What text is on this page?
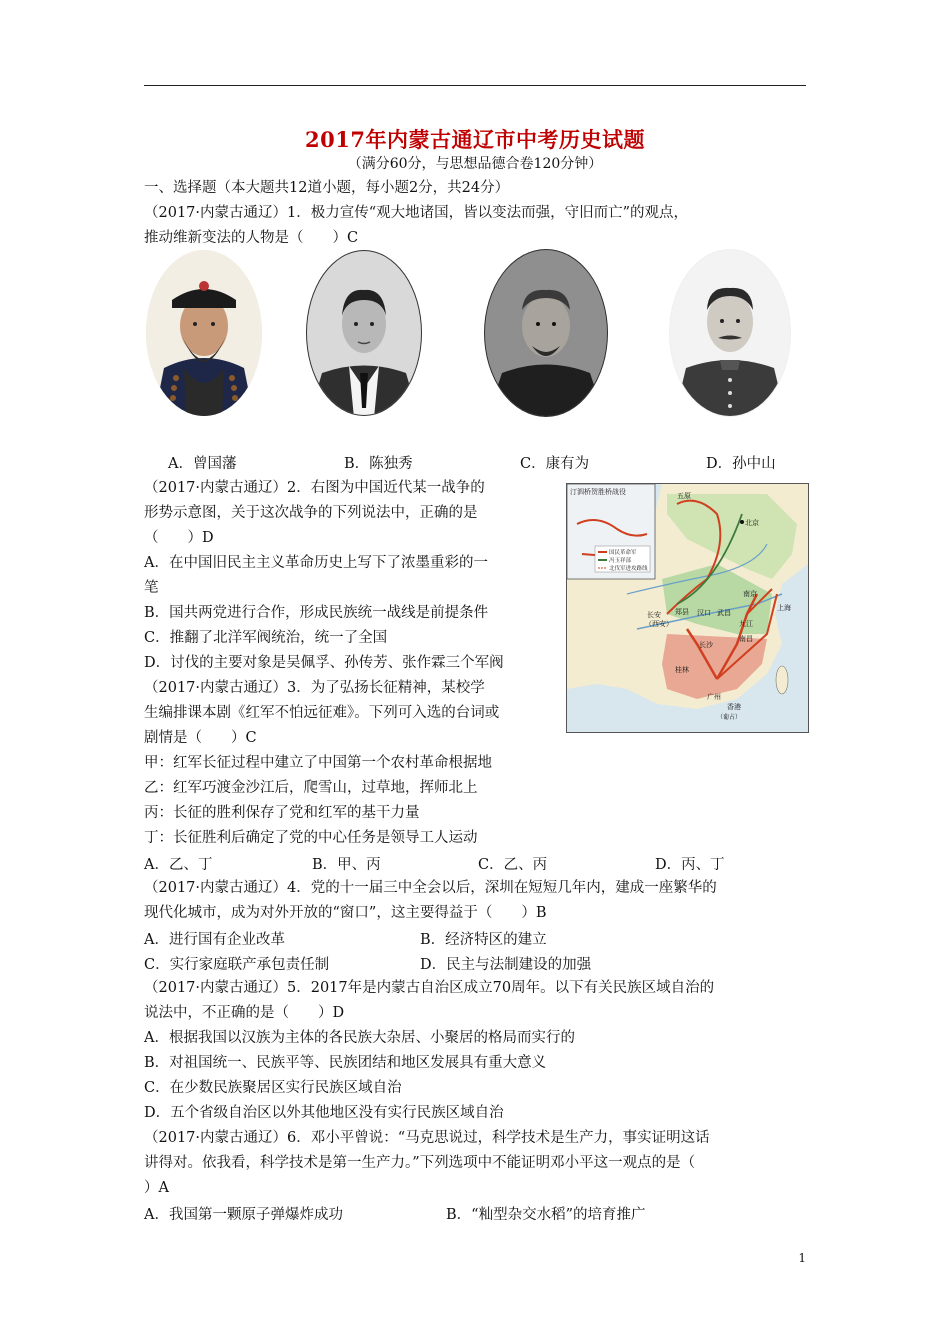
2017年内蒙古通辽市中考历史试题
（满分60分，与思想品德合卷120分钟）
一、选择题（本大题共12道小题，每小题2分，共24分）
（2017·内蒙古通辽）1．极力宣传“观大地诸国，皆以变法而强，守旧而亡”的观点，
推动维新变法的人物是（　　）C
A．曾国藩	B．陈独秀	C．康有为	D．孙中山
（2017·内蒙古通辽）2．右图为中国近代某一战争的
形势示意图，关于这次战争的下列说法中，正确的是
（　　）D
A．在中国旧民主主义革命历史上写下了浓墨重彩的一
笔
B．国共两党进行合作，形成民族统一战线是前提条件
C．推翻了北洋军阀统治，统一了全国
D．讨伐的主要对象是吴佩孚、孙传芳、张作霖三个军阀
汀泗桥贺胜桥战役
国民革命军
冯玉祥部
北伐军进攻路线
北京
五原
长安
（西安）
郑县
南京
上海
汉口 武昌
九江
南昌
长沙
桂林
广州
香港
（葡占）
（2017·内蒙古通辽）3．为了弘扬长征精神，某校学
生编排课本剧《红军不怕远征难》。下列可入选的台词或
剧情是（　　）C
甲：红军长征过程中建立了中国第一个农村革命根据地
乙：红军巧渡金沙江后，爬雪山，过草地，挥师北上
丙：长征的胜利保存了党和红军的基干力量
丁：长征胜利后确定了党的中心任务是领导工人运动
A．乙、丁	B．甲、丙	C．乙、丙	D．丙、丁
（2017·内蒙古通辽）4．党的十一届三中全会以后，深圳在短短几年内，建成一座繁华的
现代化城市，成为对外开放的“窗口”，这主要得益于（　　）B
A．进行国有企业改革	B．经济特区的建立
C．实行家庭联产承包责任制	D．民主与法制建设的加强
（2017·内蒙古通辽）5．2017年是内蒙古自治区成立70周年。以下有关民族区域自治的
说法中，不正确的是（　　）D
A．根据我国以汉族为主体的各民族大杂居、小聚居的格局而实行的
B．对祖国统一、民族平等、民族团结和地区发展具有重大意义
C．在少数民族聚居区实行民族区域自治
D．五个省级自治区以外其他地区没有实行民族区域自治
（2017·内蒙古通辽）6．邓小平曾说：“马克思说过，科学技术是生产力，事实证明这话
讲得对。依我看，科学技术是第一生产力。”下列选项中不能证明邓小平这一观点的是（
）A
A．我国第一颗原子弹爆炸成功	B．“籼型杂交水稻”的培育推广
1
